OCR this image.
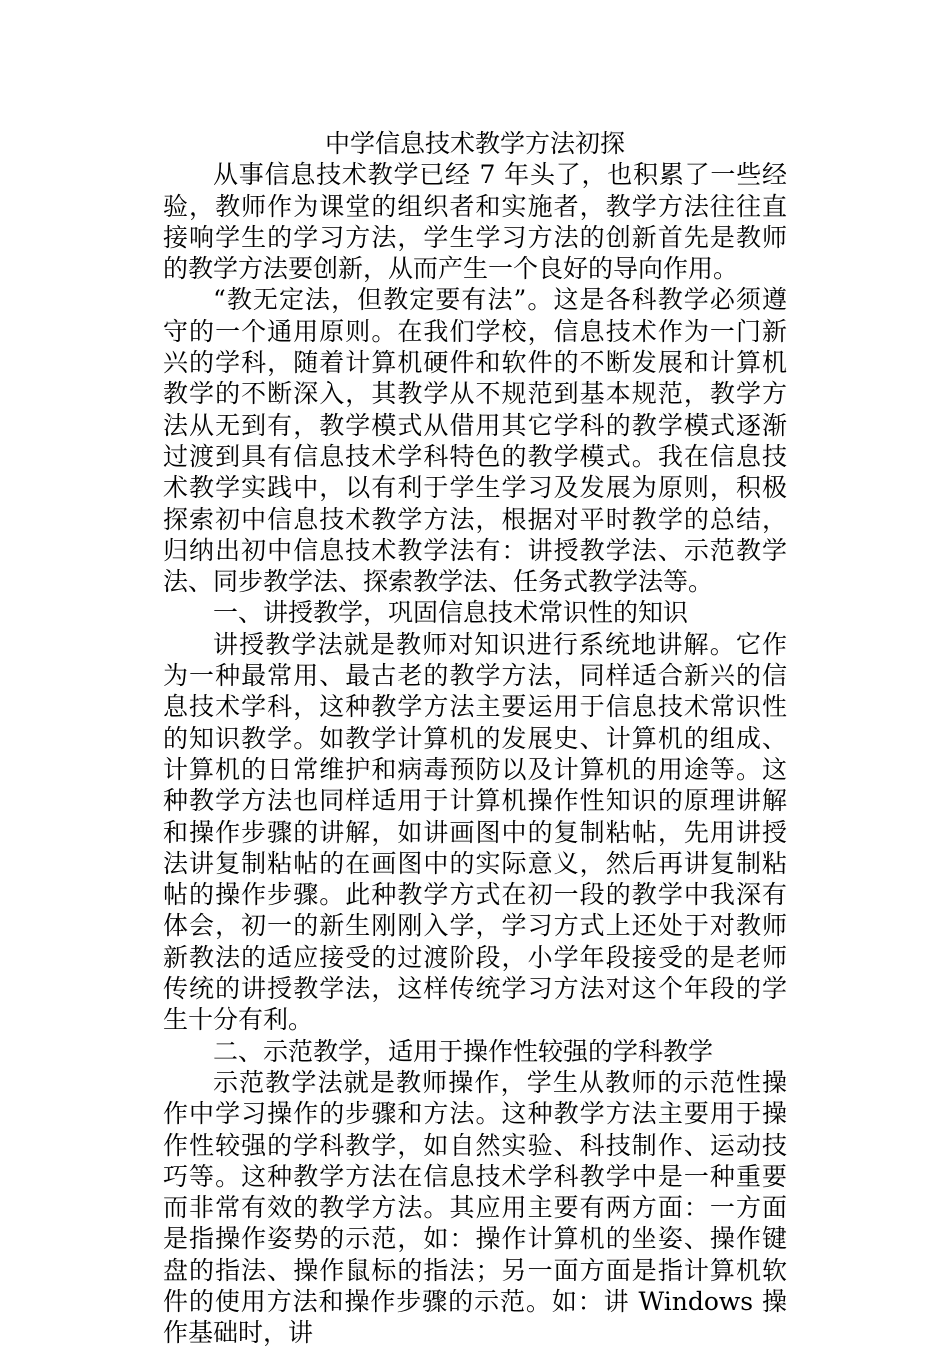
中学信息技术教学方法初探

从事信息技术教学已经 7 年头了，也积累了一些经验，教师作为课堂的组织者和实施者，教学方法往往直接响学生的学习方法，学生学习方法的创新首先是教师的教学方法要创新，从而产生一个良好的导向作用。

“教无定法，但教定要有法”。这是各科教学必须遵守的一个通用原则。在我们学校，信息技术作为一门新兴的学科，随着计算机硬件和软件的不断发展和计算机教学的不断深入，其教学从不规范到基本规范，教学方法从无到有，教学模式从借用其它学科的教学模式逐渐过渡到具有信息技术学科特色的教学模式。我在信息技术教学实践中，以有利于学生学习及发展为原则，积极探索初中信息技术教学方法，根据对平时教学的总结，归纳出初中信息技术教学法有：讲授教学法、示范教学法、同步教学法、探索教学法、任务式教学法等。

一、讲授教学，巩固信息技术常识性的知识

讲授教学法就是教师对知识进行系统地讲解。它作为一种最常用、最古老的教学方法，同样适合新兴的信息技术学科，这种教学方法主要运用于信息技术常识性的知识教学。如教学计算机的发展史、计算机的组成、计算机的日常维护和病毒预防以及计算机的用途等。这种教学方法也同样适用于计算机操作性知识的原理讲解和操作步骤的讲解，如讲画图中的复制粘帖，先用讲授法讲复制粘帖的在画图中的实际意义，然后再讲复制粘帖的操作步骤。此种教学方式在初一段的教学中我深有体会，初一的新生刚刚入学，学习方式上还处于对教师新教法的适应接受的过渡阶段，小学年段接受的是老师传统的讲授教学法，这样传统学习方法对这个年段的学生十分有利。

二、示范教学，适用于操作性较强的学科教学

示范教学法就是教师操作，学生从教师的示范性操作中学习操作的步骤和方法。这种教学方法主要用于操作性较强的学科教学，如自然实验、科技制作、运动技巧等。这种教学方法在信息技术学科教学中是一种重要而非常有效的教学方法。其应用主要有两方面：一方面是指操作姿势的示范，如：操作计算机的坐姿、操作键盘的指法、操作鼠标的指法；另一面方面是指计算机软件的使用方法和操作步骤的示范。如：讲 Windows 操作基础时，讲
